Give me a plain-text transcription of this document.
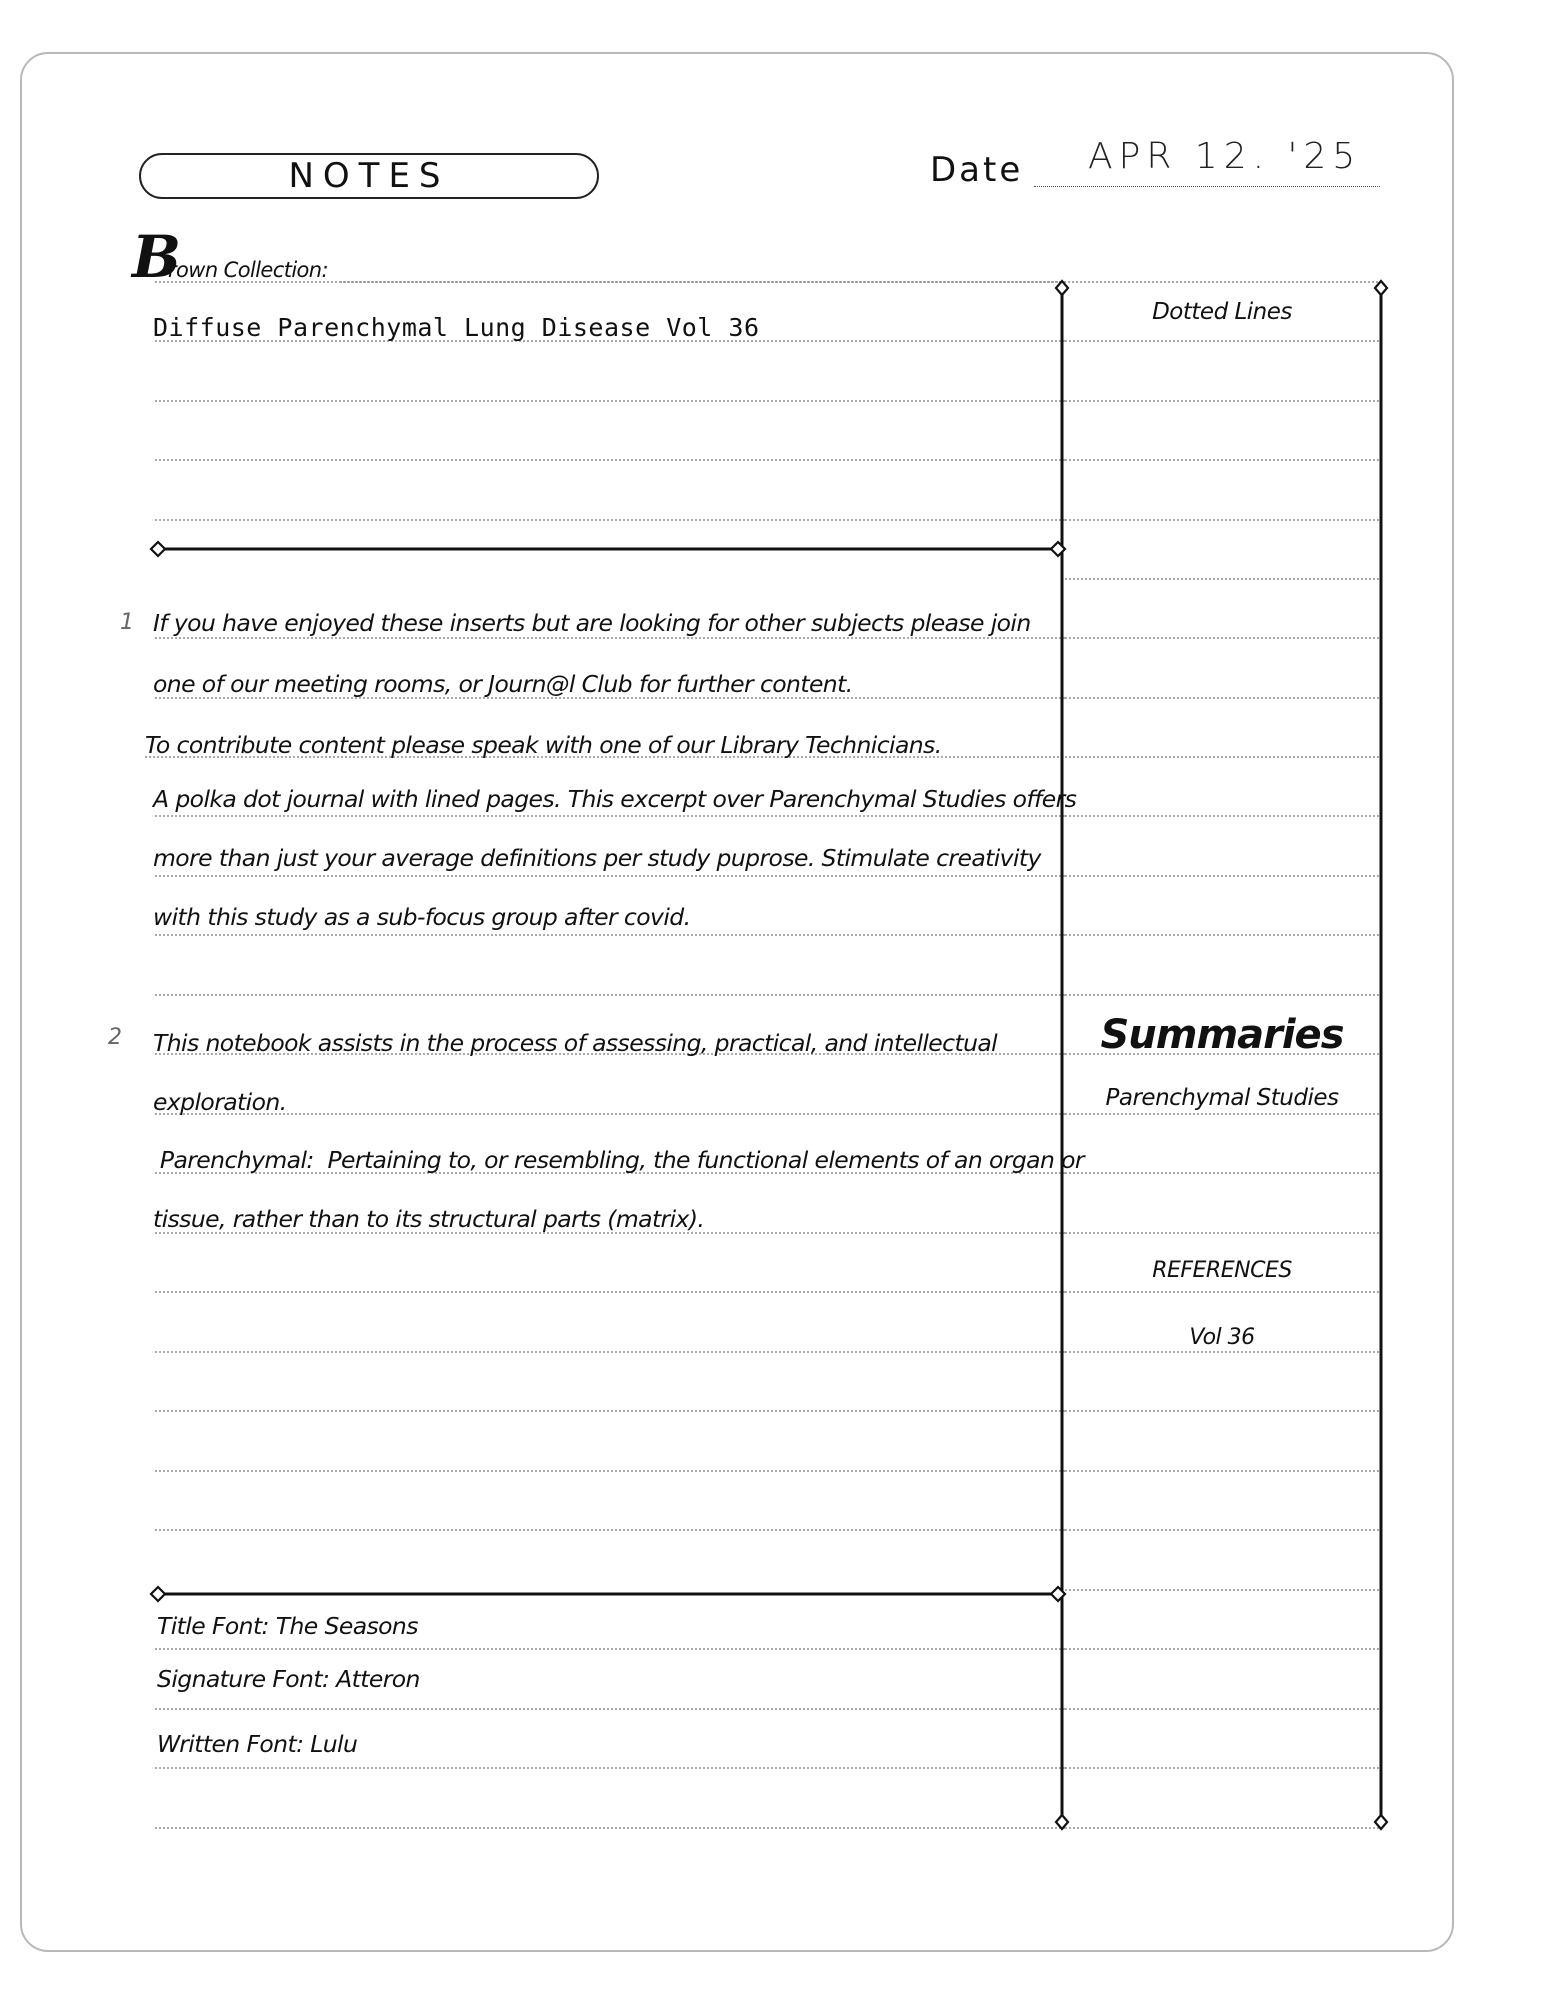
NOTES	Date APR 12. '25
B
rown Collection:
Diffuse Parenchymal Lung Disease Vol 36
1 If you have enjoyed these inserts but are looking for other subjects please join
one of our meeting rooms, or Journ@l Club for further content.
To contribute content please speak with one of our Library Technicians.
A polka dot journal with lined pages. This excerpt over Parenchymal Studies offers
more than just your average definitions per study puprose. Stimulate creativity
with this study as a sub-focus group after covid.
2 This notebook assists in the process of assessing, practical, and intellectual
exploration.
Parenchymal:  Pertaining to, or resembling, the functional elements of an organ or
tissue, rather than to its structural parts (matrix).
Title Font: The Seasons
Signature Font: Atteron
Written Font: Lulu
Dotted Lines
Summaries
Parenchymal Studies
REFERENCES
Vol 36
